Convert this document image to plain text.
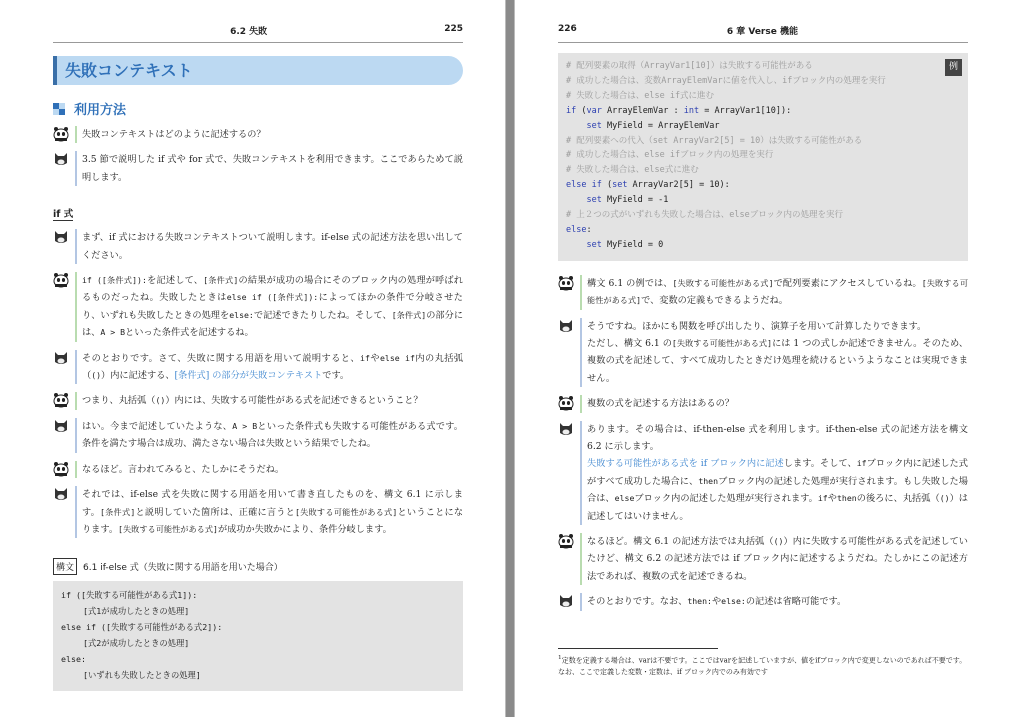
6.2 失敗	225
失敗コンテキスト
利用方法

失敗コンテキストはどのように記述するの？

3.5 節で説明した if 式や for 式で、失敗コンテキストを利用できます。ここであらためて説明します。

if 式

まず、if 式における失敗コンテキストついて説明します。if-else 式の記述方法を思い出してください。

if ([条件式]):を記述して、[条件式]の結果が成功の場合にそのブロック内の処理が呼ばれるものだったね。失敗したときはelse if ([条件式]):によってほかの条件で分岐させたり、いずれも失敗したときの処理をelse:で記述できたりしたね。そして、[条件式]の部分には、A > Bといった条件式を記述するね。

そのとおりです。さて、失敗に関する用語を用いて説明すると、ifやelse if内の丸括弧（()）内に記述する、[条件式] の部分が失敗コンテキストです。

つまり、丸括弧（()）内には、失敗する可能性がある式を記述できるということ？

はい。今まで記述していたような、A > Bといった条件式も失敗する可能性がある式です。条件を満たす場合は成功、満たさない場合は失敗という結果でしたね。

なるほど。言われてみると、たしかにそうだね。

それでは、if-else 式を失敗に関する用語を用いて書き直したものを、構文 6.1 に示します。[条件式]と説明していた箇所は、正確に言うと[失敗する可能性がある式]ということになります。[失敗する可能性がある式]が成功か失敗かにより、条件分岐します。

構文	6.1 if-else 式（失敗に関する用語を用いた場合）
if ([失敗する可能性がある式1]):
[式1が成功したときの処理]
else if ([失敗する可能性がある式2]):
[式2が成功したときの処理]
else:
[いずれも失敗したときの処理]
226	6 章 Verse 機能
例
# 配列要素の取得（ArrayVar1[10]）は失敗する可能性がある
# 成功した場合は、変数ArrayElemVarに値を代入し、ifブロック内の処理を実行
# 失敗した場合は、else if式に進む
if (var ArrayElemVar : int = ArrayVar1[10]):
set MyField = ArrayElemVar
# 配列要素への代入（set ArrayVar2[5] = 10）は失敗する可能性がある
# 成功した場合は、else ifブロック内の処理を実行
# 失敗した場合は、else式に進む
else if (set ArrayVar2[5] = 10):
set MyField = -1
# 上２つの式がいずれも失敗した場合は、elseブロック内の処理を実行
else:
set MyField = 0

構文 6.1 の例では、[失敗する可能性がある式]で配列要素にアクセスしているね。[失敗する可能性がある式]で、変数の定義もできるようだね。

そうですね。ほかにも関数を呼び出したり、演算子を用いて計算したりできます。

ただし、構文 6.1 の[失敗する可能性がある式]には 1 つの式しか記述できません。そのため、複数の式を記述して、すべて成功したときだけ処理を続けるというようなことは実現できません。

複数の式を記述する方法はあるの？

あります。その場合は、if-then-else 式を利用します。if-then-else 式の記述方法を構文 6.2 に示します。

失敗する可能性がある式を if ブロック内に記述します。そして、ifブロック内に記述した式がすべて成功した場合に、thenブロック内の記述した処理が実行されます。もし失敗した場合は、elseブロック内の記述した処理が実行されます。ifやthenの後ろに、丸括弧（()）は記述してはいけません。

なるほど。構文 6.1 の記述方法では丸括弧（()）内に失敗する可能性がある式を記述していたけど、構文 6.2 の記述方法では if ブロック内に記述するようだね。たしかにこの記述方法であれば、複数の式を記述できるね。

そのとおりです。なお、then:やelse:の記述は省略可能です。

$^1$定数を定義する場合は、varは不要です。ここではvarを記述していますが、値をifブロック内で変更しないのであれば不要です。なお、ここで定義した変数・定数は、if ブロック内でのみ有効です
